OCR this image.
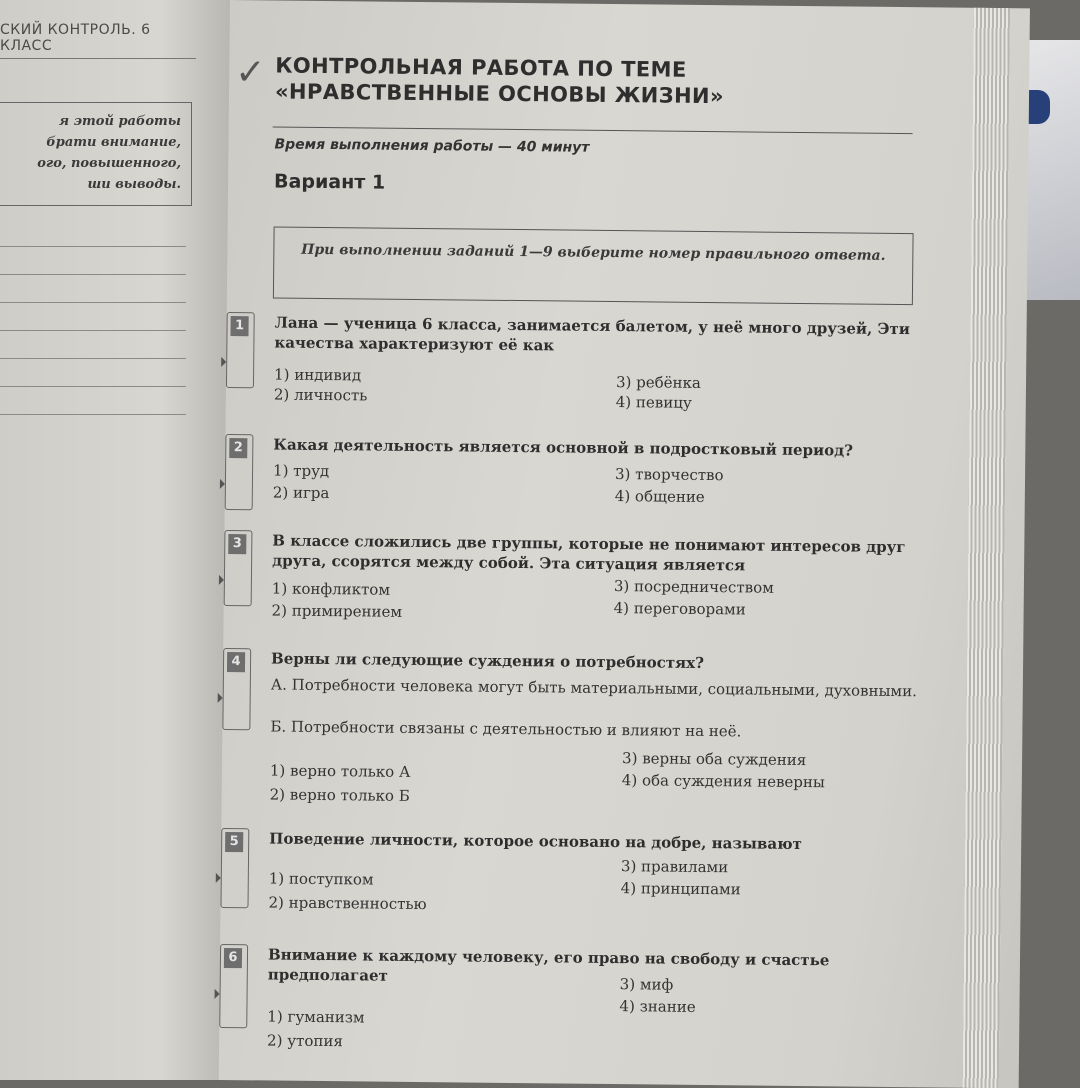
СКИЙ КОНТРОЛЬ. 6 КЛАСС
я этой работы
брати внимание,
ого, повышенного,
ши выводы.
✓ КОНТРОЛЬНАЯ РАБОТА ПО ТЕМЕ
«НРАВСТВЕННЫЕ ОСНОВЫ ЖИЗНИ»
Время выполнения работы — 40 минут
Вариант 1
При выполнении заданий 1—9 выберите номер правильного ответа.
1	Лана — ученица 6 класса, занимается балетом, у неё много друзей, Эти качества характеризуют её как
1) индивид
2) личность
3) ребёнка
4) певицу
2	Какая деятельность является основной в подростковый период?
1) труд
2) игра
3) творчество
4) общение
3	В классе сложились две группы, которые не понимают интересов друг друга, ссорятся между собой. Эта ситуация является
1) конфликтом
2) примирением
3) посредничеством
4) переговорами
4	Верны ли следующие суждения о потребностях?
А. Потребности человека могут быть материальными, социальными, духовными.
Б. Потребности связаны с деятельностью и влияют на неё.
1) верно только А
2) верно только Б
3) верны оба суждения
4) оба суждения неверны
5	Поведение личности, которое основано на добре, называют
1) поступком
2) нравственностью
3) правилами
4) принципами
6	Внимание к каждому человеку, его право на свободу и счастье предполагает
1) гуманизм
2) утопия
3) миф
4) знание
